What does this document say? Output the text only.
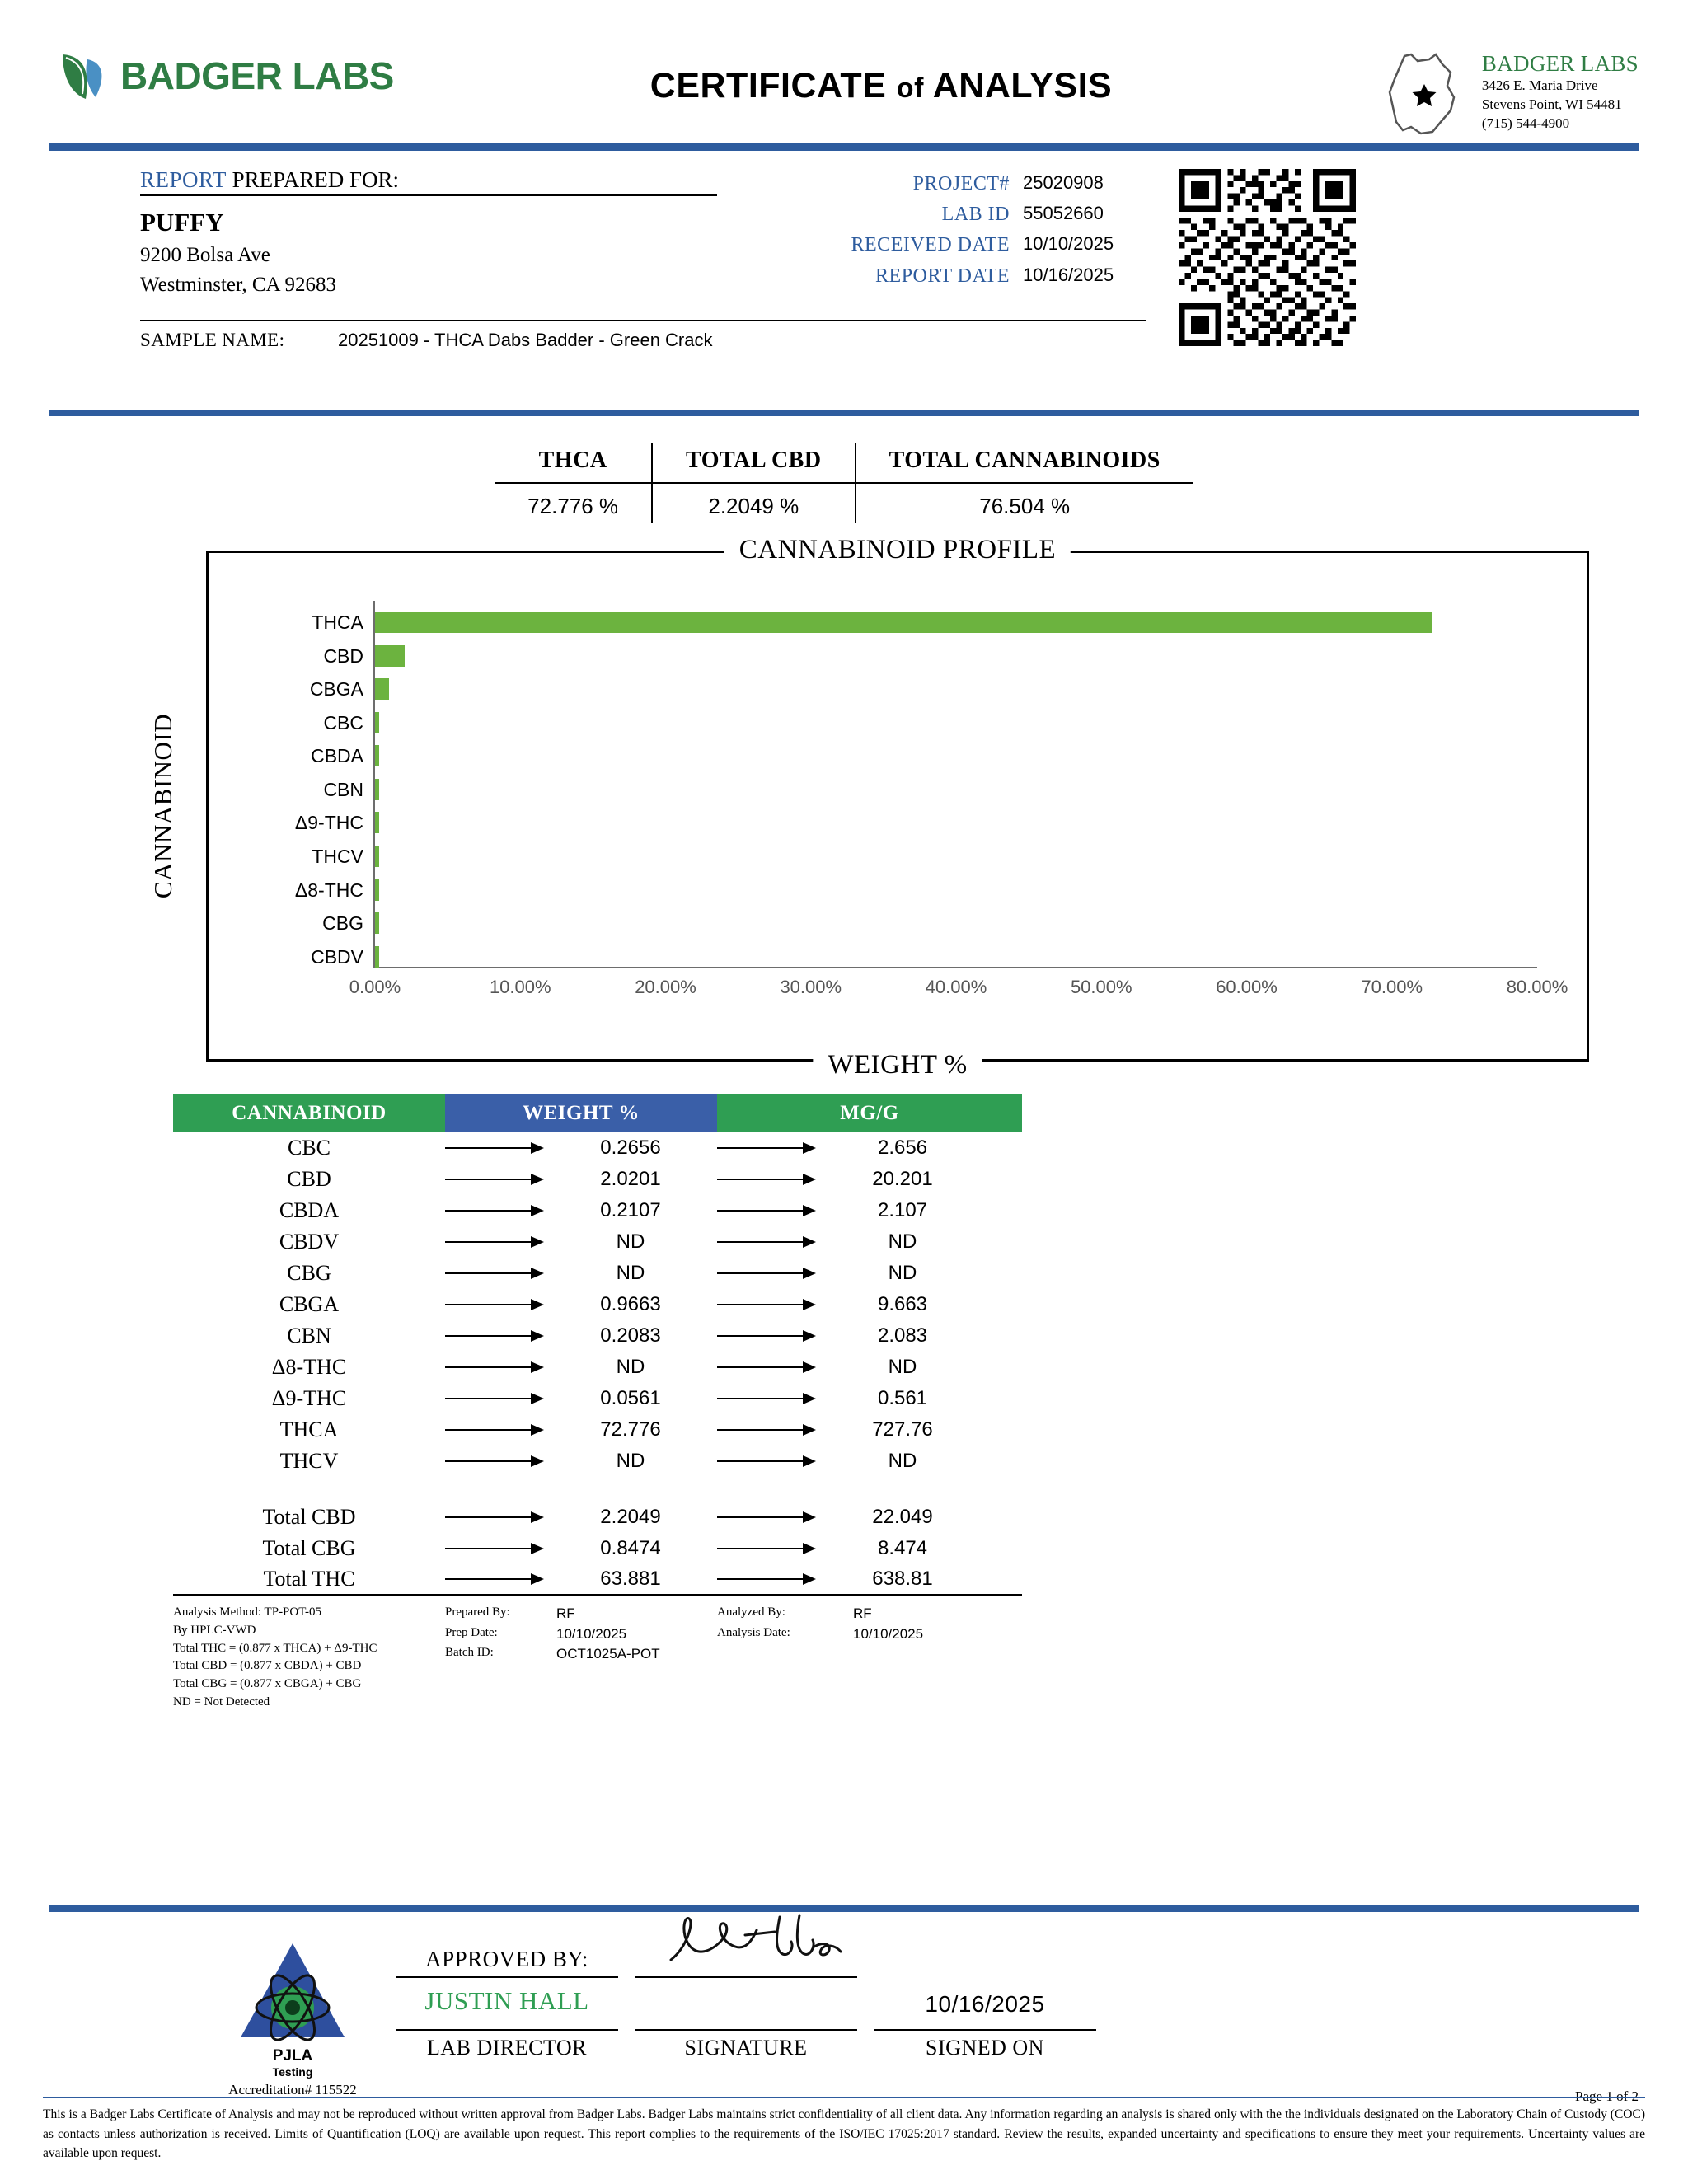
BADGER LABS	CERTIFICATE of ANALYSIS
BADGER LABS
3426 E. Maria Drive
Stevens Point, WI 54481
(715) 544-4900
REPORT PREPARED FOR:
PUFFY
9200 Bolsa Ave
Westminster, CA 92683
PROJECT# 25020908
LAB ID 55052660
RECEIVED DATE 10/10/2025
REPORT DATE 10/16/2025
SAMPLE NAME:	20251009 - THCA Dabs Badder - Green Crack
THCA	TOTAL CBD	TOTAL CANNABINOIDS
72.776 %	2.2049 %	76.504 %
CANNABINOID PROFILE
CANNABINOID
WEIGHT %
THCA
CBD
CBGA
CBC
CBDA
CBN
Δ9-THC
THCV
Δ8-THC
CBG
CBDV
0.00%	10.00%	20.00%	30.00%	40.00%	50.00%	60.00%	70.00%	80.00%
CANNABINOID	WEIGHT %	MG/G
CBC	0.2656	2.656
CBD	2.0201	20.201
CBDA	0.2107	2.107
CBDV	ND	ND
CBG	ND	ND
CBGA	0.9663	9.663
CBN	0.2083	2.083
Δ8-THC	ND	ND
Δ9-THC	0.0561	0.561
THCA	72.776	727.76
THCV	ND	ND
Total CBD	2.2049	22.049
Total CBG	0.8474	8.474
Total THC	63.881	638.81
Analysis Method: TP-POT-05
By HPLC-VWD
Total THC = (0.877 x THCA) + Δ9-THC
Total CBD = (0.877 x CBDA) + CBD
Total CBG = (0.877 x CBGA) + CBG
ND = Not Detected
Prepared By:	RF
Prep Date:	10/10/2025
Batch ID:	OCT1025A-POT
Analyzed By:	RF
Analysis Date:	10/10/2025
PJLA
Testing
Accreditation# 115522
APPROVED BY:
JUSTIN HALL
LAB DIRECTOR	SIGNATURE

10/16/2025
SIGNED ON
Page 1 of 2
This is a Badger Labs Certificate of Analysis and may not be reproduced without written approval from Badger Labs. Badger Labs maintains strict confidentiality of all client data. Any information regarding an analysis is shared only with the the individuals designated on the Laboratory Chain of Custody (COC) as contacts unless authorization is received. Limits of Quantification (LOQ) are available upon request. This report complies to the requirements of the ISO/IEC 17025:2017 standard. Review the results, expanded uncertainty and specifications to ensure they meet your requirements. Uncertainty values are available upon request.
